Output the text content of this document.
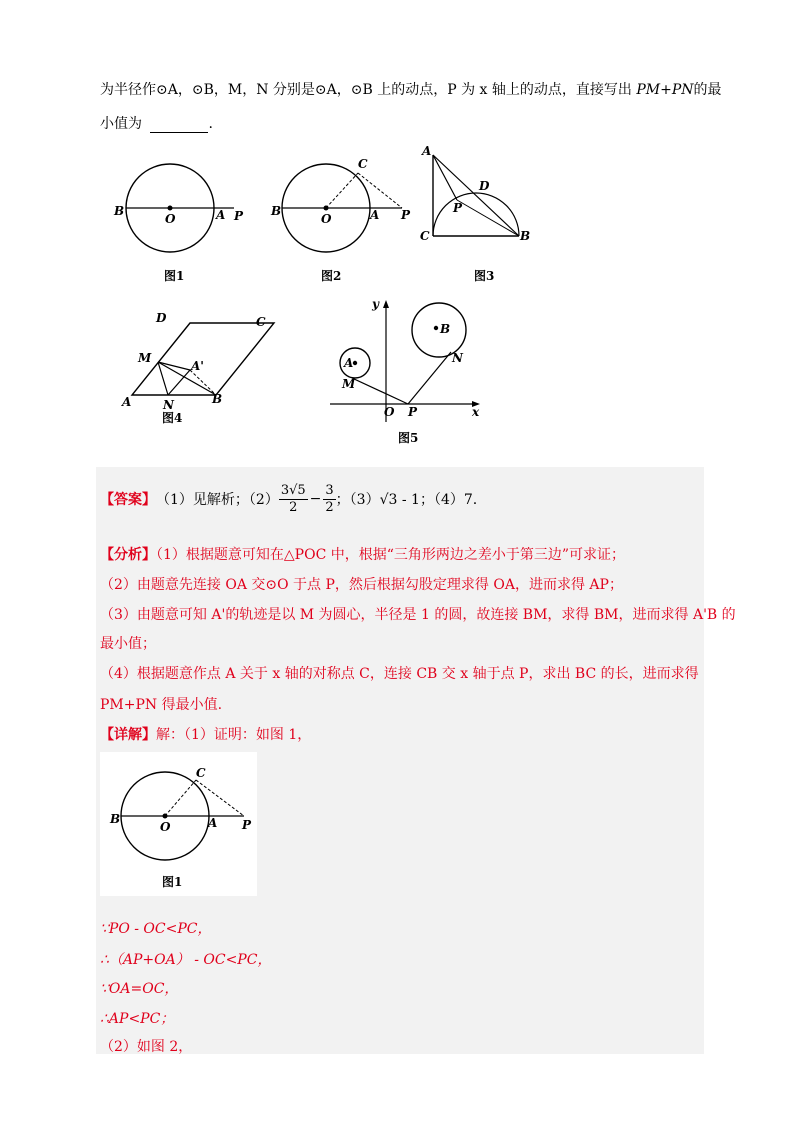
为半径作⊙A，⊙B，M，N 分别是⊙A，⊙B 上的动点，P 为 x 轴上的动点，直接写出 PM+PN的最
小值为	.
B
O	A P
图1
C
B
O	A P
图2
A
D
P
C	B
图3
D	C
M
A'
A	N	B
图4
y
B
A	N
M
O P	x
图5
【答案】 （1）见解析；$(2) \frac{3√5}{2} - \frac{3}{2}$ ；（3）√3 - 1；（4）7.
【分析】（1）根据题意可知在△POC 中，根据“三角形两边之差小于第三边”可求证；
（2）由题意先连接 OA 交⊙O 于点 P，然后根据勾股定理求得 OA，进而求得 AP；
（3）由题意可知 A'的轨迹是以 M 为圆心，半径是 1 的圆，故连接 BM，求得 BM，进而求得 A'B 的
最小值；
（4）根据题意作点 A 关于 x 轴的对称点 C，连接 CB 交 x 轴于点 P，求出 BC 的长，进而求得
PM+PN 得最小值.
【详解】解：（1）证明：如图 1，
C
B
O	A P
图1
∵PO - OC<PC，
∴（AP+OA） - OC<PC，
∵OA=OC，
∴AP<PC；
（2）如图 2，
